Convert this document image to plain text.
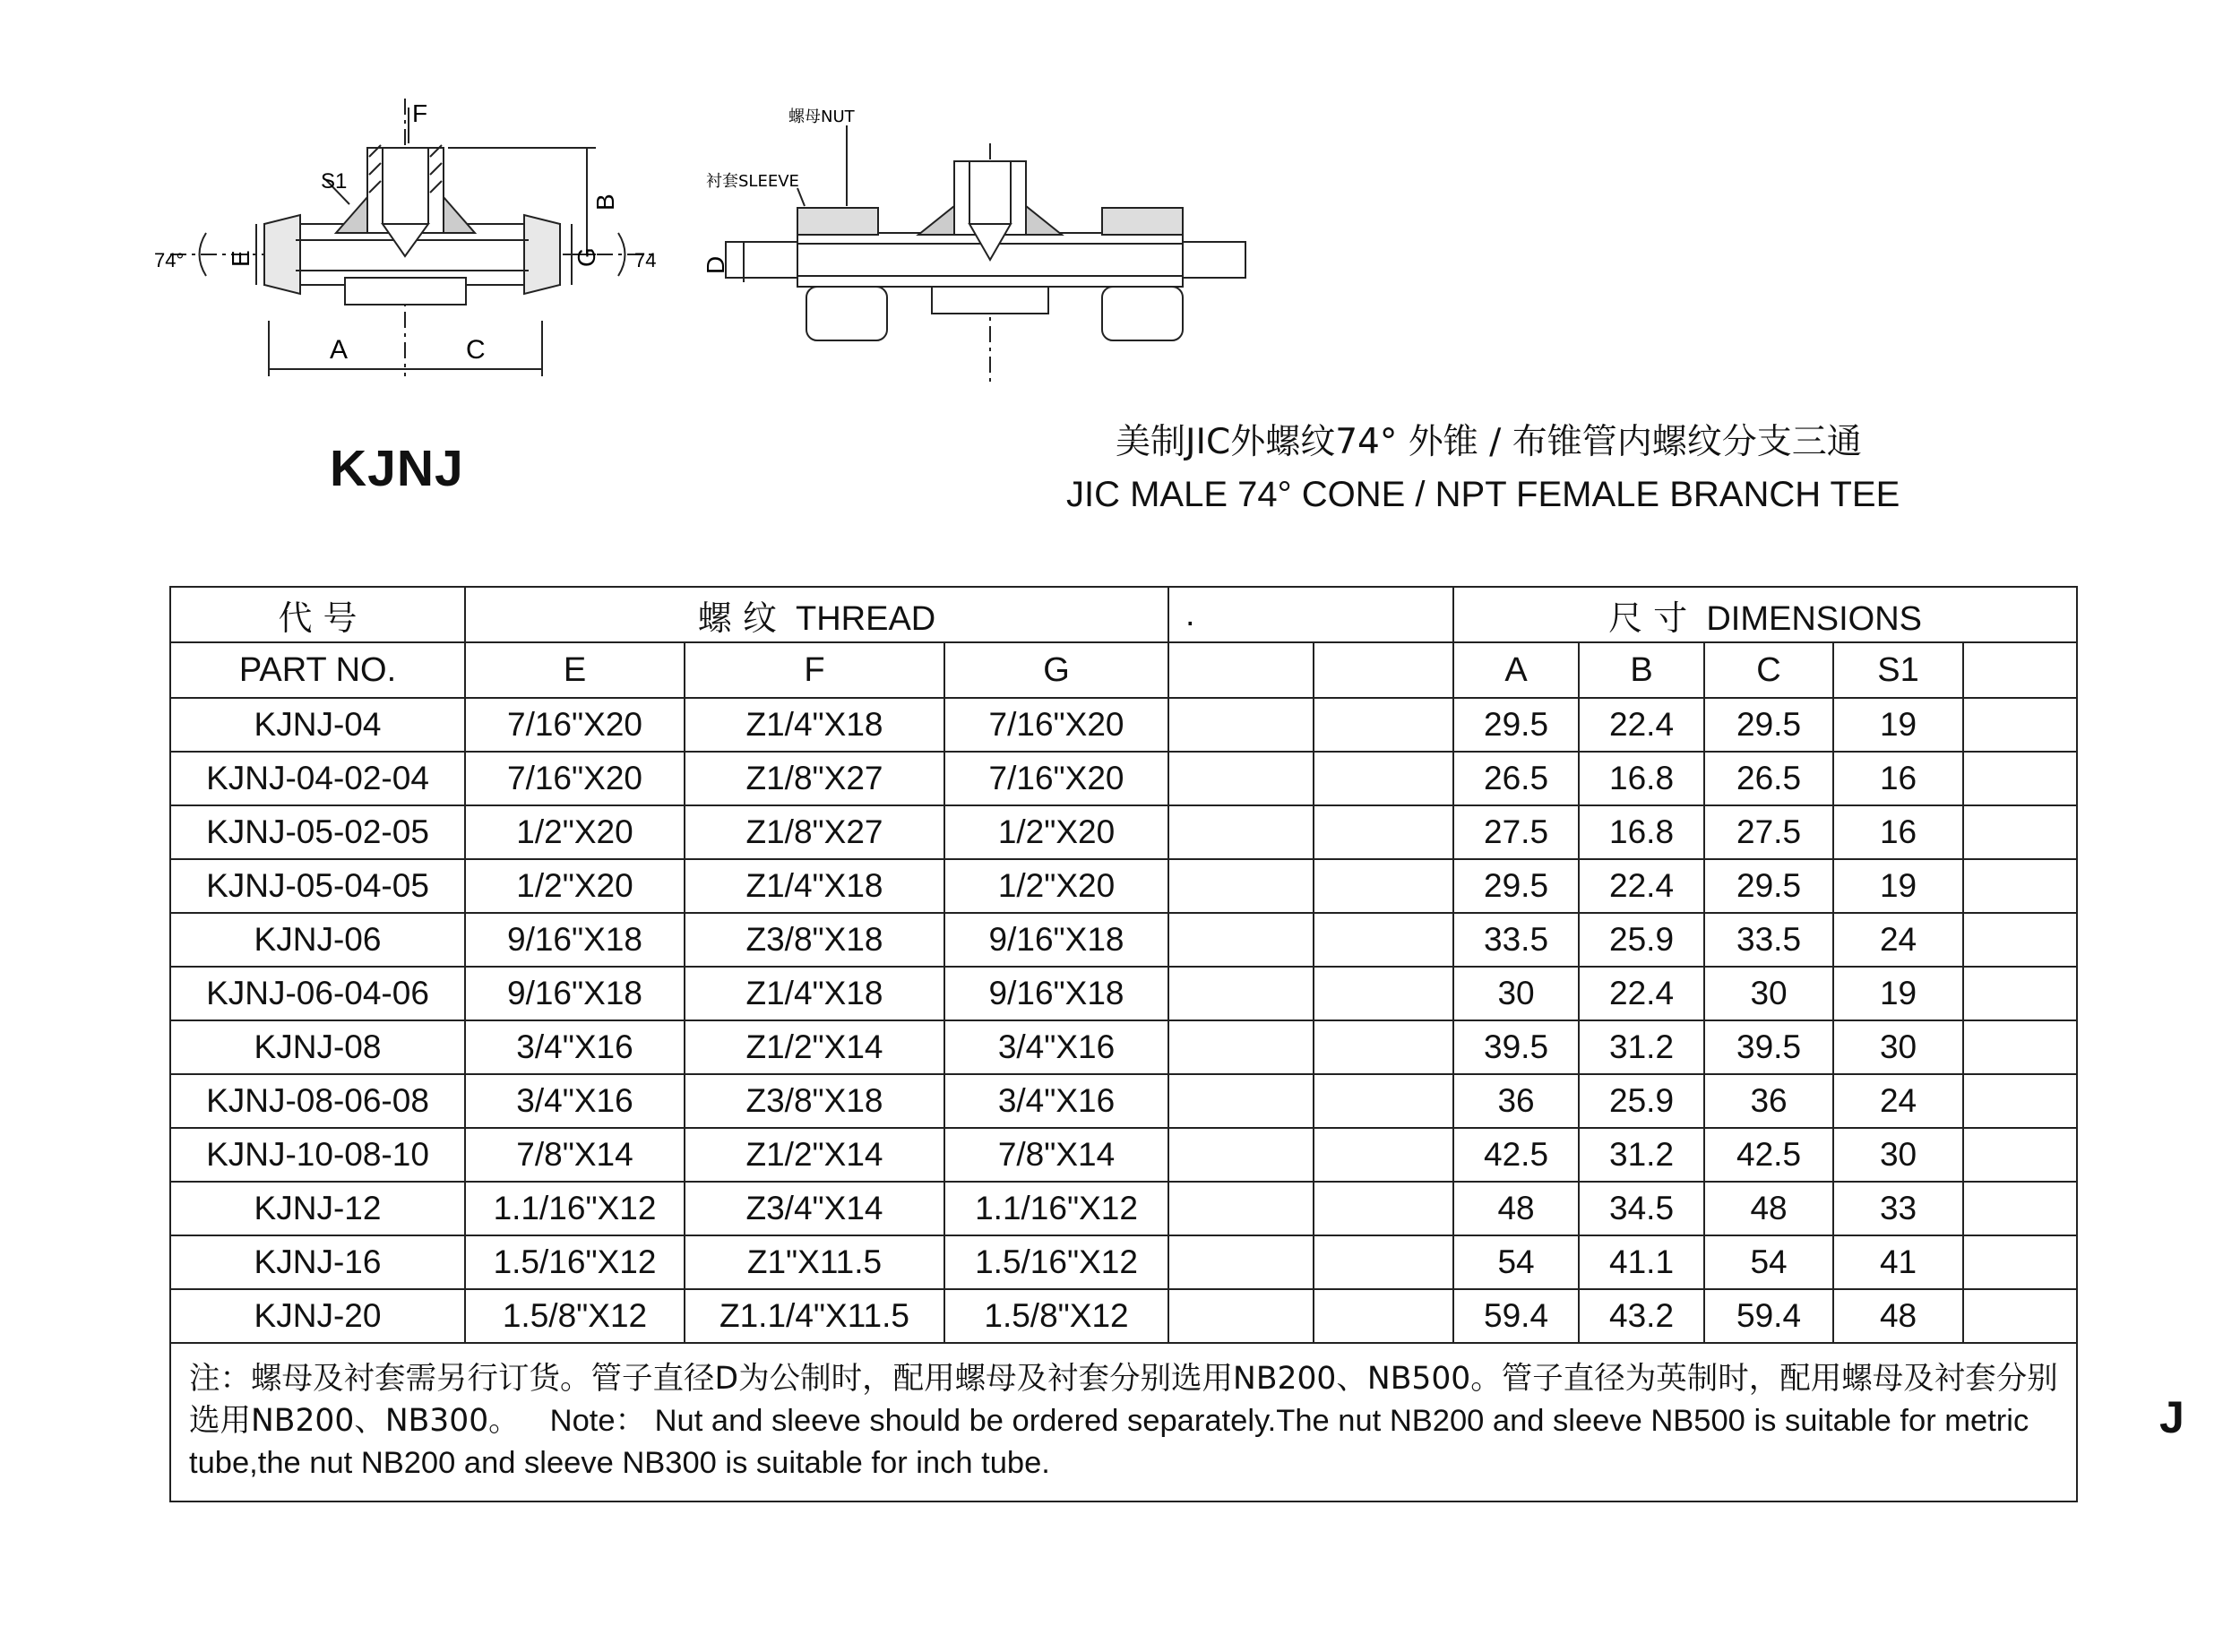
F
S1
B
E	G
A	C
74°	74
螺母NUT
衬套SLEEVE
D
KJNJ	美制JIC外螺纹74° 外锥 / 布锥管内螺纹分支三通
JIC MALE 74° CONE / NPT FEMALE BRANCH TEE
代 号	螺 纹 THREAD			.		尺 寸 DIMENSIONS				
PART NO.	E	F	G			A	B	C	S1	
KJNJ-04	7/16"X20	Z1/4"X18	7/16"X20			29.5	22.4	29.5	19	
KJNJ-04-02-04	7/16"X20	Z1/8"X27	7/16"X20			26.5	16.8	26.5	16	
KJNJ-05-02-05	1/2"X20	Z1/8"X27	1/2"X20			27.5	16.8	27.5	16	
KJNJ-05-04-05	1/2"X20	Z1/4"X18	1/2"X20			29.5	22.4	29.5	19	
KJNJ-06	9/16"X18	Z3/8"X18	9/16"X18			33.5	25.9	33.5	24	
KJNJ-06-04-06	9/16"X18	Z1/4"X18	9/16"X18			30	22.4	30	19	
KJNJ-08	3/4"X16	Z1/2"X14	3/4"X16			39.5	31.2	39.5	30	
KJNJ-08-06-08	3/4"X16	Z3/8"X18	3/4"X16			36	25.9	36	24	
KJNJ-10-08-10	7/8"X14	Z1/2"X14	7/8"X14			42.5	31.2	42.5	30	
KJNJ-12	1.1/16"X12	Z3/4"X14	1.1/16"X12			48	34.5	48	33	
KJNJ-16	1.5/16"X12	Z1"X11.5	1.5/16"X12			54	41.1	54	41	
KJNJ-20	1.5/8"X12	Z1.1/4"X11.5	1.5/8"X12			59.4	43.2	59.4	48	
注：螺母及衬套需另行订货。管子直径D为公制时，配用螺母及衬套分别选用NB200、NB500。管子直径为英制时，配用螺母及衬套分别选用NB200、NB300。 Note： Nut and sleeve should be ordered separately.The nut NB200 and sleeve NB500 is suitable for metric tube,the nut NB200 and sleeve NB300 is suitable for inch tube.										
J
